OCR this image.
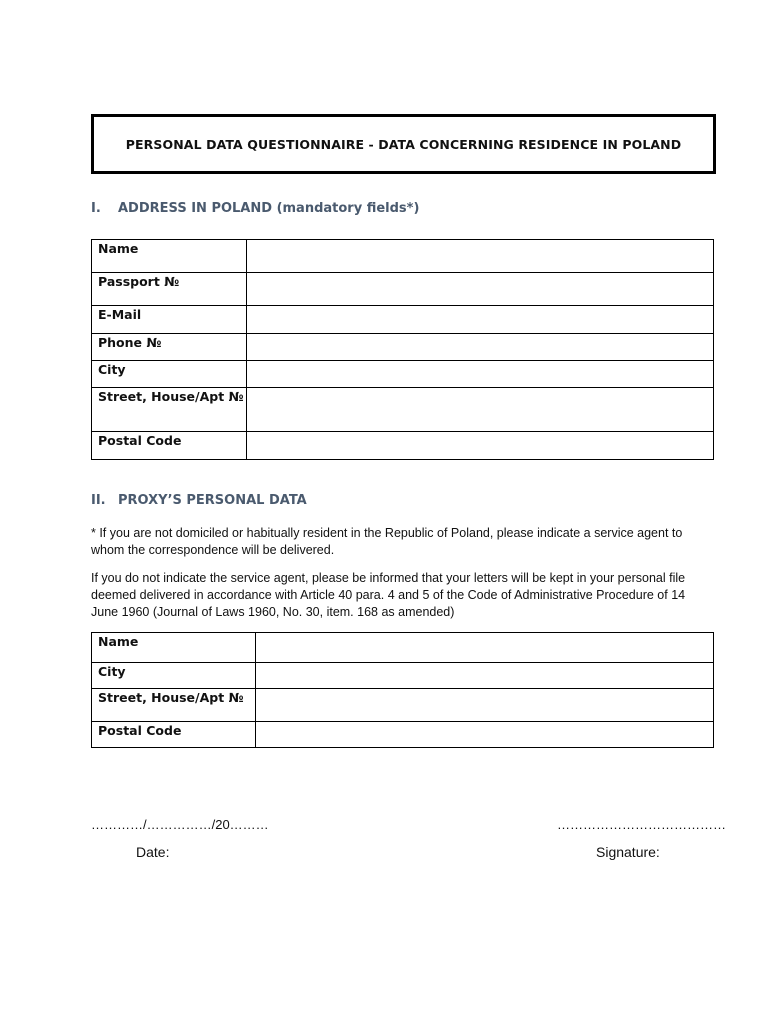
PERSONAL DATA QUESTIONNAIRE - DATA CONCERNING RESIDENCE IN POLAND
I. ADDRESS IN POLAND (mandatory fields*)
Name	
Passport №	
E-Mail	
Phone №	
City	
Street, House/Apt №	
Postal Code	
II. PROXY’S PERSONAL DATA
* If you are not domiciled or habitually resident in the Republic of Poland, please indicate a service agent to whom the correspondence will be delivered.
If you do not indicate the service agent, please be informed that your letters will be kept in your personal file deemed delivered in accordance with Article 40 para. 4 and 5 of the Code of Administrative Procedure of 14 June 1960 (Journal of Laws 1960, No. 30, item. 168 as amended)
Name	
City	
Street, House/Apt №	
Postal Code	
…………/……………/20………
Date:
…………………………………
Signature:
